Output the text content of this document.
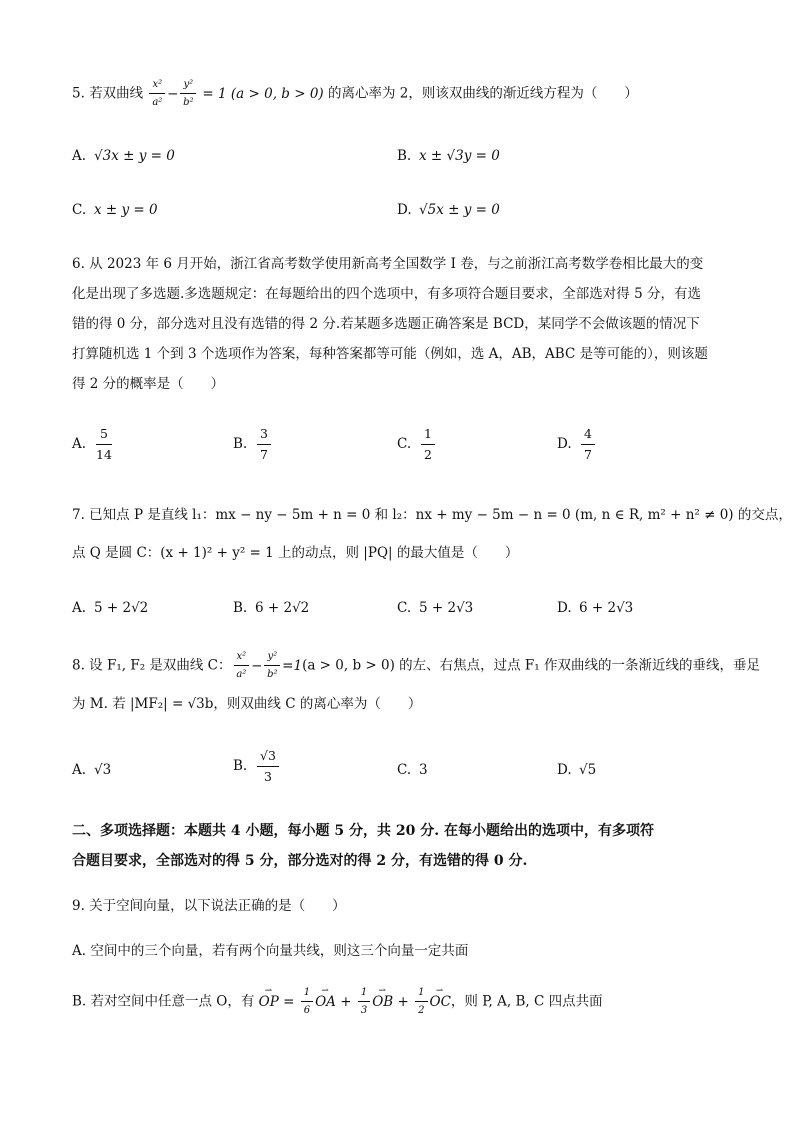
5. 若双曲线 $\frac{\text{x²}}{\text{a²}} - \frac{\text{y²}}{\text{b²}} = 1$ (a > 0, b > 0) 的离心率为 2，则该双曲线的渐近线方程为（　　）
A. √3x ± y = 0	B. x ± √3y = 0
C. x ± y = 0	D. √5x ± y = 0
6. 从 2023 年 6 月开始，浙江省高考数学使用新高考全国数学 I 卷，与之前浙江高考数学卷相比最大的变
化是出现了多选题.多选题规定：在每题给出的四个选项中，有多项符合题目要求，全部选对得 5 分，有选
错的得 0 分，部分选对且没有选错的得 2 分.若某题多选题正确答案是 BCD，某同学不会做该题的情况下
打算随机选 1 个到 3 个选项作为答案，每种答案都等可能（例如，选 A，AB，ABC 是等可能的），则该题
得 2 分的概率是（　　）
A. $\frac{5}{14}$	B. $\frac{3}{7}$	C. $\frac{1}{2}$	D. $\frac{4}{7}$
7. 已知点 P 是直线 l₁：mx − ny − 5m + n = 0 和 l₂：nx + my − 5m − n = 0 (m, n ∈ R, m² + n² ≠ 0) 的交点，
点 Q 是圆 C：(x + 1)² + y² = 1 上的动点，则 |PQ| 的最大值是（　　）
A. 5 + 2√2	B. 6 + 2√2	C. 5 + 2√3	D. 6 + 2√3
8. 设 F₁, F₂ 是双曲线 C： $\frac{\text{x²}}{\text{a²}} - \frac{\text{y²}}{\text{b²}} =1(a > 0$, b > 0) 的左、右焦点，过点 F₁ 作双曲线的一条渐近线的垂线，垂足
为 M. 若 |MF₂| = √3b，则双曲线 C 的离心率为（　　）
A. √3	B. $\frac{√3}{3}$	C. 3	D. √5
二、多项选择题：本题共 4 小题，每小题 5 分，共 20 分. 在每小题给出的选项中，有多项符
合题目要求，全部选对的得 5 分，部分选对的得 2 分，有选错的得 0 分.
9. 关于空间向量，以下说法正确的是（　　）
A. 空间中的三个向量，若有两个向量共线，则这三个向量一定共面
B. 若对空间中任意一点 O，有 ⇀ OP = $\frac{1}{6}$ ⇀ OA + $\frac{1}{3}$ ⇀ OB + $\frac{1}{2}$ ⇀ OC，则 P, A, B, C 四点共面
